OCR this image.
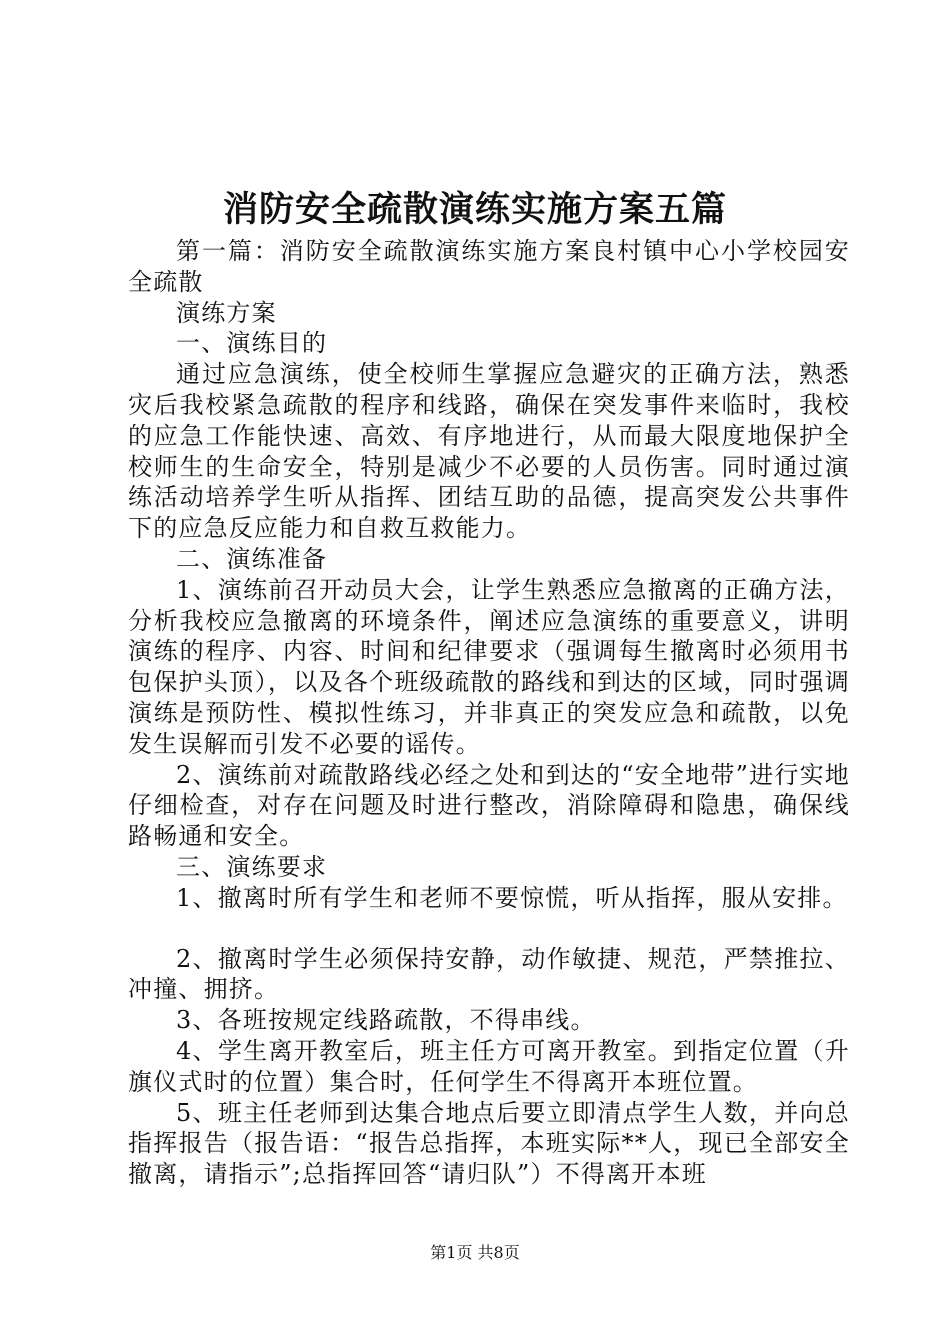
消防安全疏散演练实施方案五篇

第一篇：消防安全疏散演练实施方案良村镇中心小学校园安全疏散

演练方案

一、演练目的

通过应急演练，使全校师生掌握应急避灾的正确方法，熟悉灾后我校紧急疏散的程序和线路，确保在突发事件来临时，我校的应急工作能快速、高效、有序地进行，从而最大限度地保护全校师生的生命安全，特别是减少不必要的人员伤害。同时通过演练活动培养学生听从指挥、团结互助的品德，提高突发公共事件下的应急反应能力和自救互救能力。

二、演练准备

1、演练前召开动员大会，让学生熟悉应急撤离的正确方法，分析我校应急撤离的环境条件，阐述应急演练的重要意义，讲明演练的程序、内容、时间和纪律要求（强调每生撤离时必须用书包保护头顶），以及各个班级疏散的路线和到达的区域，同时强调演练是预防性、模拟性练习，并非真正的突发应急和疏散，以免发生误解而引发不必要的谣传。

2、演练前对疏散路线必经之处和到达的“安全地带”进行实地仔细检查，对存在问题及时进行整改，消除障碍和隐患，确保线路畅通和安全。

三、演练要求

1、撤离时所有学生和老师不要惊慌，听从指挥，服从安排。

2、撤离时学生必须保持安静，动作敏捷、规范，严禁推拉、冲撞、拥挤。

3、各班按规定线路疏散，不得串线。

4、学生离开教室后，班主任方可离开教室。到指定位置（升旗仪式时的位置）集合时，任何学生不得离开本班位置。

5、班主任老师到达集合地点后要立即清点学生人数，并向总指挥报告（报告语：“报告总指挥，本班实际**人，现已全部安全撤离，请指示”;总指挥回答“请归队”）不得离开本班

第1页 共8页
